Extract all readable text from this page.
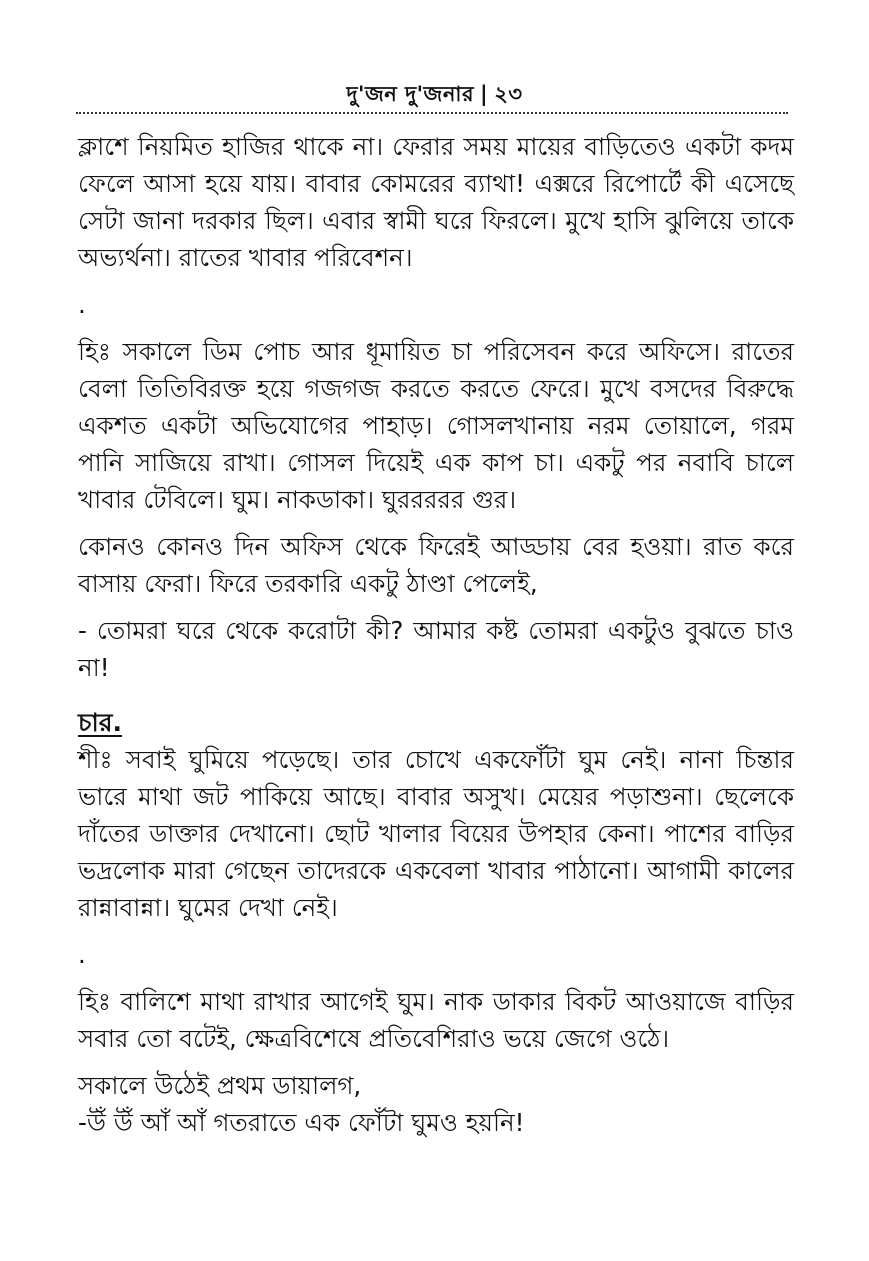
দু'জন দু'জনার | ২৩

ক্লাশে নিয়মিত হাজির থাকে না। ফেরার সময় মায়ের বাড়িতেও একটা কদম ফেলে আসা হয়ে যায়। বাবার কোমরের ব্যাথা! এক্সরে রিপোর্টে কী এসেছে সেটা জানা দরকার ছিল। এবার স্বামী ঘরে ফিরলে। মুখে হাসি ঝুলিয়ে তাকে অভ্যর্থনা। রাতের খাবার পরিবেশন।

.

হিঃ সকালে ডিম পোচ আর ধূমায়িত চা পরিসেবন করে অফিসে। রাতের বেলা তিতিবিরক্ত হয়ে গজগজ করতে করতে ফেরে। মুখে বসদের বিরুদ্ধে একশত একটা অভিযোগের পাহাড়। গোসলখানায় নরম তোয়ালে, গরম পানি সাজিয়ে রাখা। গোসল দিয়েই এক কাপ চা। একটু পর নবাবি চালে খাবার টেবিলে। ঘুম। নাকডাকা। ঘুররররর গুর।

কোনও কোনও দিন অফিস থেকে ফিরেই আড্ডায় বের হওয়া। রাত করে বাসায় ফেরা। ফিরে তরকারি একটু ঠাণ্ডা পেলেই,

- তোমরা ঘরে থেকে করোটা কী? আমার কষ্ট তোমরা একটুও বুঝতে চাও না!

চার.

শীঃ সবাই ঘুমিয়ে পড়েছে। তার চোখে একফোঁটা ঘুম নেই। নানা চিন্তার ভারে মাথা জট পাকিয়ে আছে। বাবার অসুখ। মেয়ের পড়াশুনা। ছেলেকে দাঁতের ডাক্তার দেখানো। ছোট খালার বিয়ের উপহার কেনা। পাশের বাড়ির ভদ্রলোক মারা গেছেন তাদেরকে একবেলা খাবার পাঠানো। আগামী কালের রান্নাবান্না। ঘুমের দেখা নেই।

.

হিঃ বালিশে মাথা রাখার আগেই ঘুম। নাক ডাকার বিকট আওয়াজে বাড়ির সবার তো বটেই, ক্ষেত্রবিশেষে প্রতিবেশিরাও ভয়ে জেগে ওঠে।

সকালে উঠেই প্রথম ডায়ালগ,

-উঁ উঁ আঁ আঁ গতরাতে এক ফোঁটা ঘুমও হয়নি!
